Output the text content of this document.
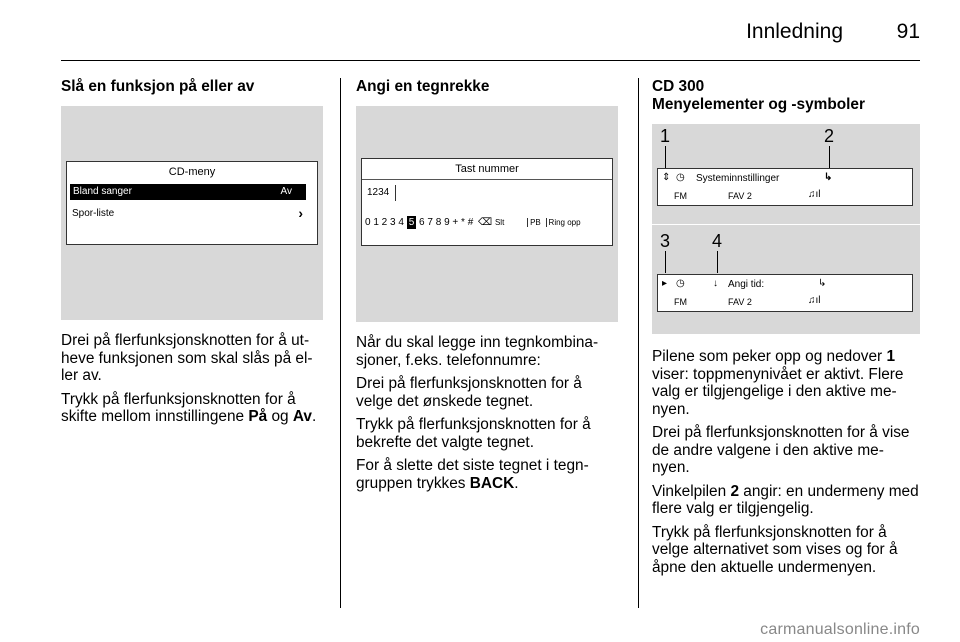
Innledning	91
Slå en funksjon på eller av
CD-meny
Bland sanger	Av
Spor-liste	›

Drei på flerfunksjonsknotten for å ut- heve funksjonen som skal slås på el- ler av.

Trykk på flerfunksjonsknotten for å skifte mellom innstillingene På og Av.

Angi en tegnrekke
Tast nummer
1234
0 1 2 3 4 5 6 7 8 9 + * # ⌫ Slt	PB Ring opp

Når du skal legge inn tegnkombina- sjoner, f.eks. telefonnumre:

Drei på flerfunksjonsknotten for å velge det ønskede tegnet.

Trykk på flerfunksjonsknotten for å bekrefte det valgte tegnet.

For å slette det siste tegnet i tegn- gruppen trykkes BACK.

CD 300
Menyelementer og -symboler
1	2
⇕ ◷ Systeminnstillinger	↳
FM	FAV 2	♫ıl
3 4
▸ ◷	↓ Angi tid:	↳
FM	FAV 2	♫ıl

Pilene som peker opp og nedover 1 viser: toppmenynivået er aktivt. Flere valg er tilgjengelige i den aktive me- nyen.

Drei på flerfunksjonsknotten for å vise de andre valgene i den aktive me- nyen.

Vinkelpilen 2 angir: en undermeny med flere valg er tilgjengelig.

Trykk på flerfunksjonsknotten for å velge alternativet som vises og for å åpne den aktuelle undermenyen.

carmanualsonline.info
